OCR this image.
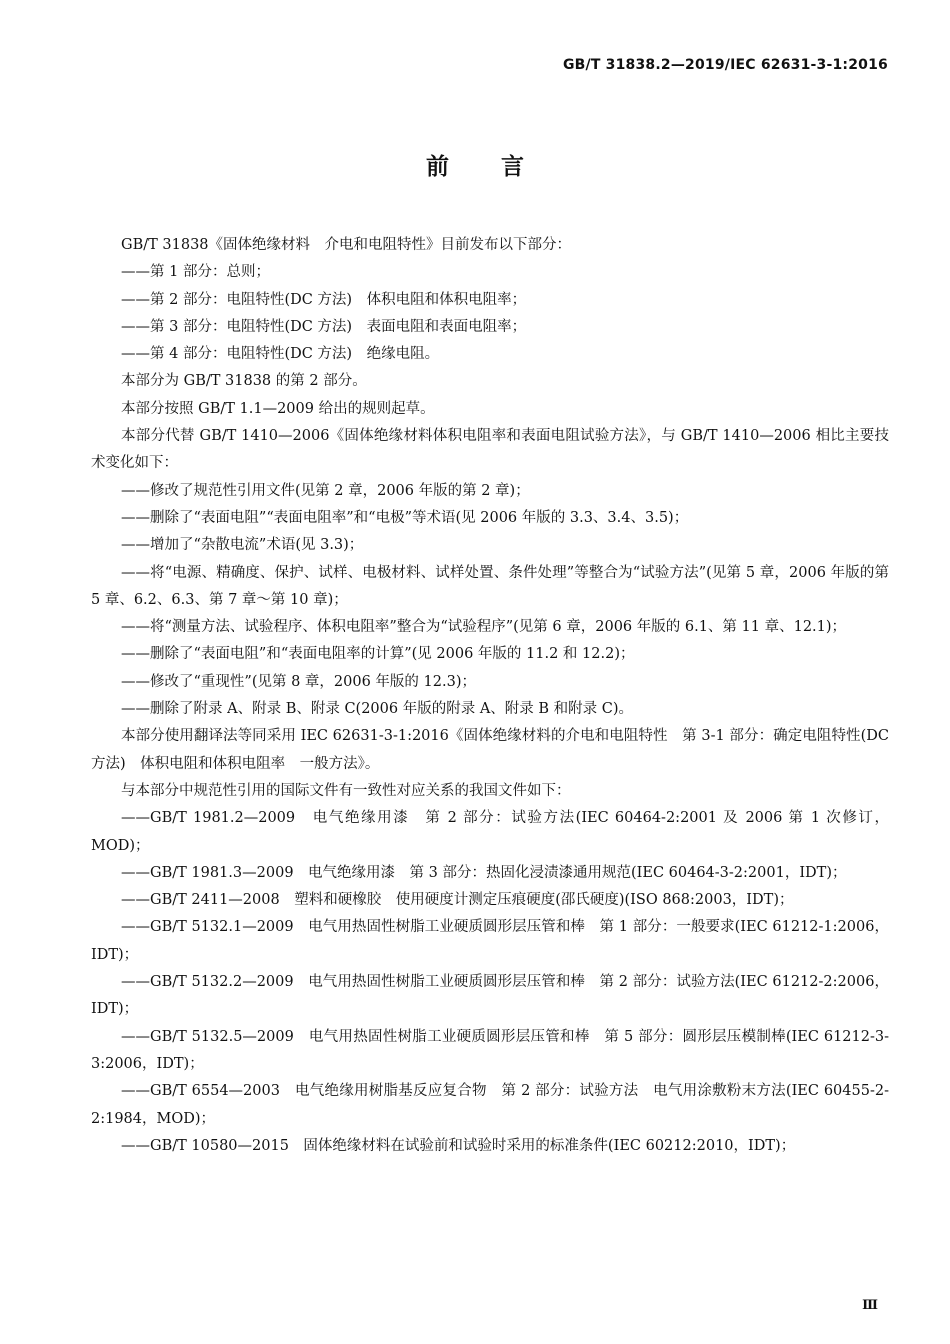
GB/T 31838.2—2019/IEC 62631-3-1:2016
前言

GB/T 31838《固体绝缘材料　介电和电阻特性》目前发布以下部分：

——第 1 部分：总则；

——第 2 部分：电阻特性(DC 方法)　体积电阻和体积电阻率；

——第 3 部分：电阻特性(DC 方法)　表面电阻和表面电阻率；

——第 4 部分：电阻特性(DC 方法)　绝缘电阻。

本部分为 GB/T 31838 的第 2 部分。

本部分按照 GB/T 1.1—2009 给出的规则起草。

本部分代替 GB/T 1410—2006《固体绝缘材料体积电阻率和表面电阻试验方法》，与 GB/T 1410—2006 相比主要技术变化如下：

——修改了规范性引用文件(见第 2 章，2006 年版的第 2 章)；

——删除了“表面电阻”“表面电阻率”和“电极”等术语(见 2006 年版的 3.3、3.4、3.5)；

——增加了“杂散电流”术语(见 3.3)；

——将“电源、精确度、保护、试样、电极材料、试样处置、条件处理”等整合为“试验方法”(见第 5 章，2006 年版的第 5 章、6.2、6.3、第 7 章～第 10 章)；

——将“测量方法、试验程序、体积电阻率”整合为“试验程序”(见第 6 章，2006 年版的 6.1、第 11 章、12.1)；

——删除了“表面电阻”和“表面电阻率的计算”(见 2006 年版的 11.2 和 12.2)；

——修改了“重现性”(见第 8 章，2006 年版的 12.3)；

——删除了附录 A、附录 B、附录 C(2006 年版的附录 A、附录 B 和附录 C)。

本部分使用翻译法等同采用 IEC 62631-3-1:2016《固体绝缘材料的介电和电阻特性　第 3-1 部分：确定电阻特性(DC 方法)　体积电阻和体积电阻率　一般方法》。

与本部分中规范性引用的国际文件有一致性对应关系的我国文件如下：

——GB/T 1981.2—2009　电气绝缘用漆　第 2 部分：试验方法(IEC 60464-2:2001 及 2006 第 1 次修订，MOD)；

——GB/T 1981.3—2009　电气绝缘用漆　第 3 部分：热固化浸渍漆通用规范(IEC 60464-3-2:2001，IDT)；

——GB/T 2411—2008　塑料和硬橡胶　使用硬度计测定压痕硬度(邵氏硬度)(ISO 868:2003，IDT)；

——GB/T 5132.1—2009　电气用热固性树脂工业硬质圆形层压管和棒　第 1 部分：一般要求(IEC 61212-1:2006，IDT)；

——GB/T 5132.2—2009　电气用热固性树脂工业硬质圆形层压管和棒　第 2 部分：试验方法(IEC 61212-2:2006，IDT)；

——GB/T 5132.5—2009　电气用热固性树脂工业硬质圆形层压管和棒　第 5 部分：圆形层压模制棒(IEC 61212-3-3:2006，IDT)；

——GB/T 6554—2003　电气绝缘用树脂基反应复合物　第 2 部分：试验方法　电气用涂敷粉末方法(IEC 60455-2-2:1984，MOD)；

——GB/T 10580—2015　固体绝缘材料在试验前和试验时采用的标准条件(IEC 60212:2010，IDT)；

Ⅲ
